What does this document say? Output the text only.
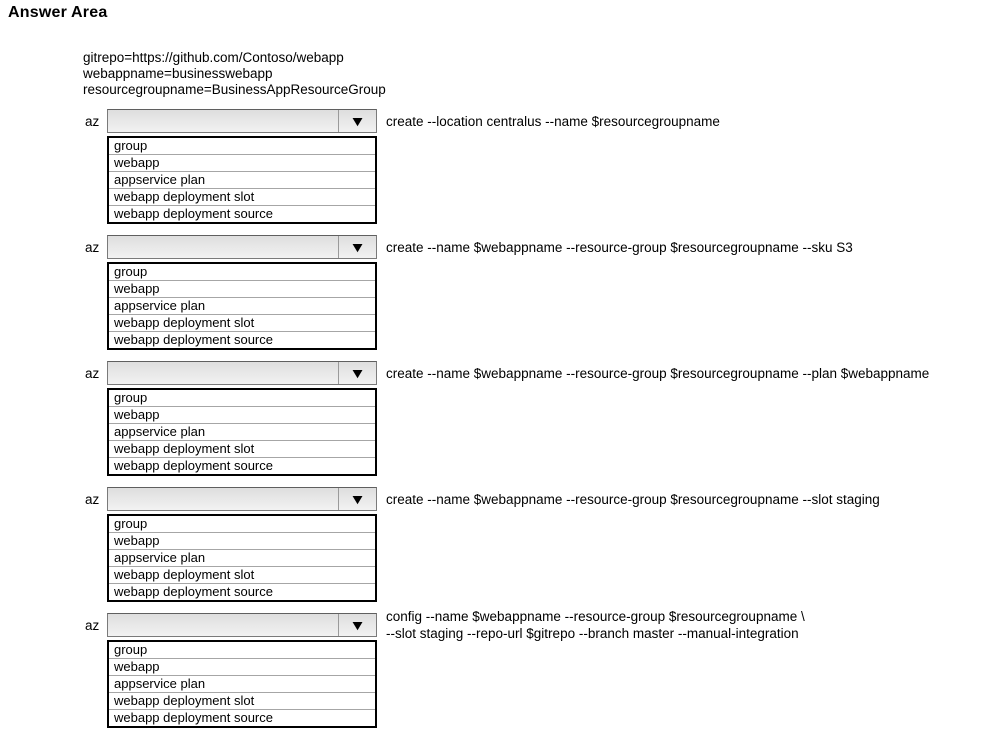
Answer Area
gitrepo=https://github.com/Contoso/webapp
webappname=businesswebapp
resourcegroupname=BusinessAppResourceGroup
az	▼ create --location centralus --name $resourcegroupname
group
webapp
appservice plan
webapp deployment slot
webapp deployment source
az	▼ create --name $webappname --resource-group $resourcegroupname --sku S3
group
webapp
appservice plan
webapp deployment slot
webapp deployment source
az	▼ create --name $webappname --resource-group $resourcegroupname --plan $webappname
group
webapp
appservice plan
webapp deployment slot
webapp deployment source
az	▼ create --name $webappname --resource-group $resourcegroupname --slot staging
group
webapp
appservice plan
webapp deployment slot
webapp deployment source
az	▼
config --name $webappname --resource-group $resourcegroupname \
--slot staging --repo-url $gitrepo --branch master --manual-integration
group
webapp
appservice plan
webapp deployment slot
webapp deployment source
